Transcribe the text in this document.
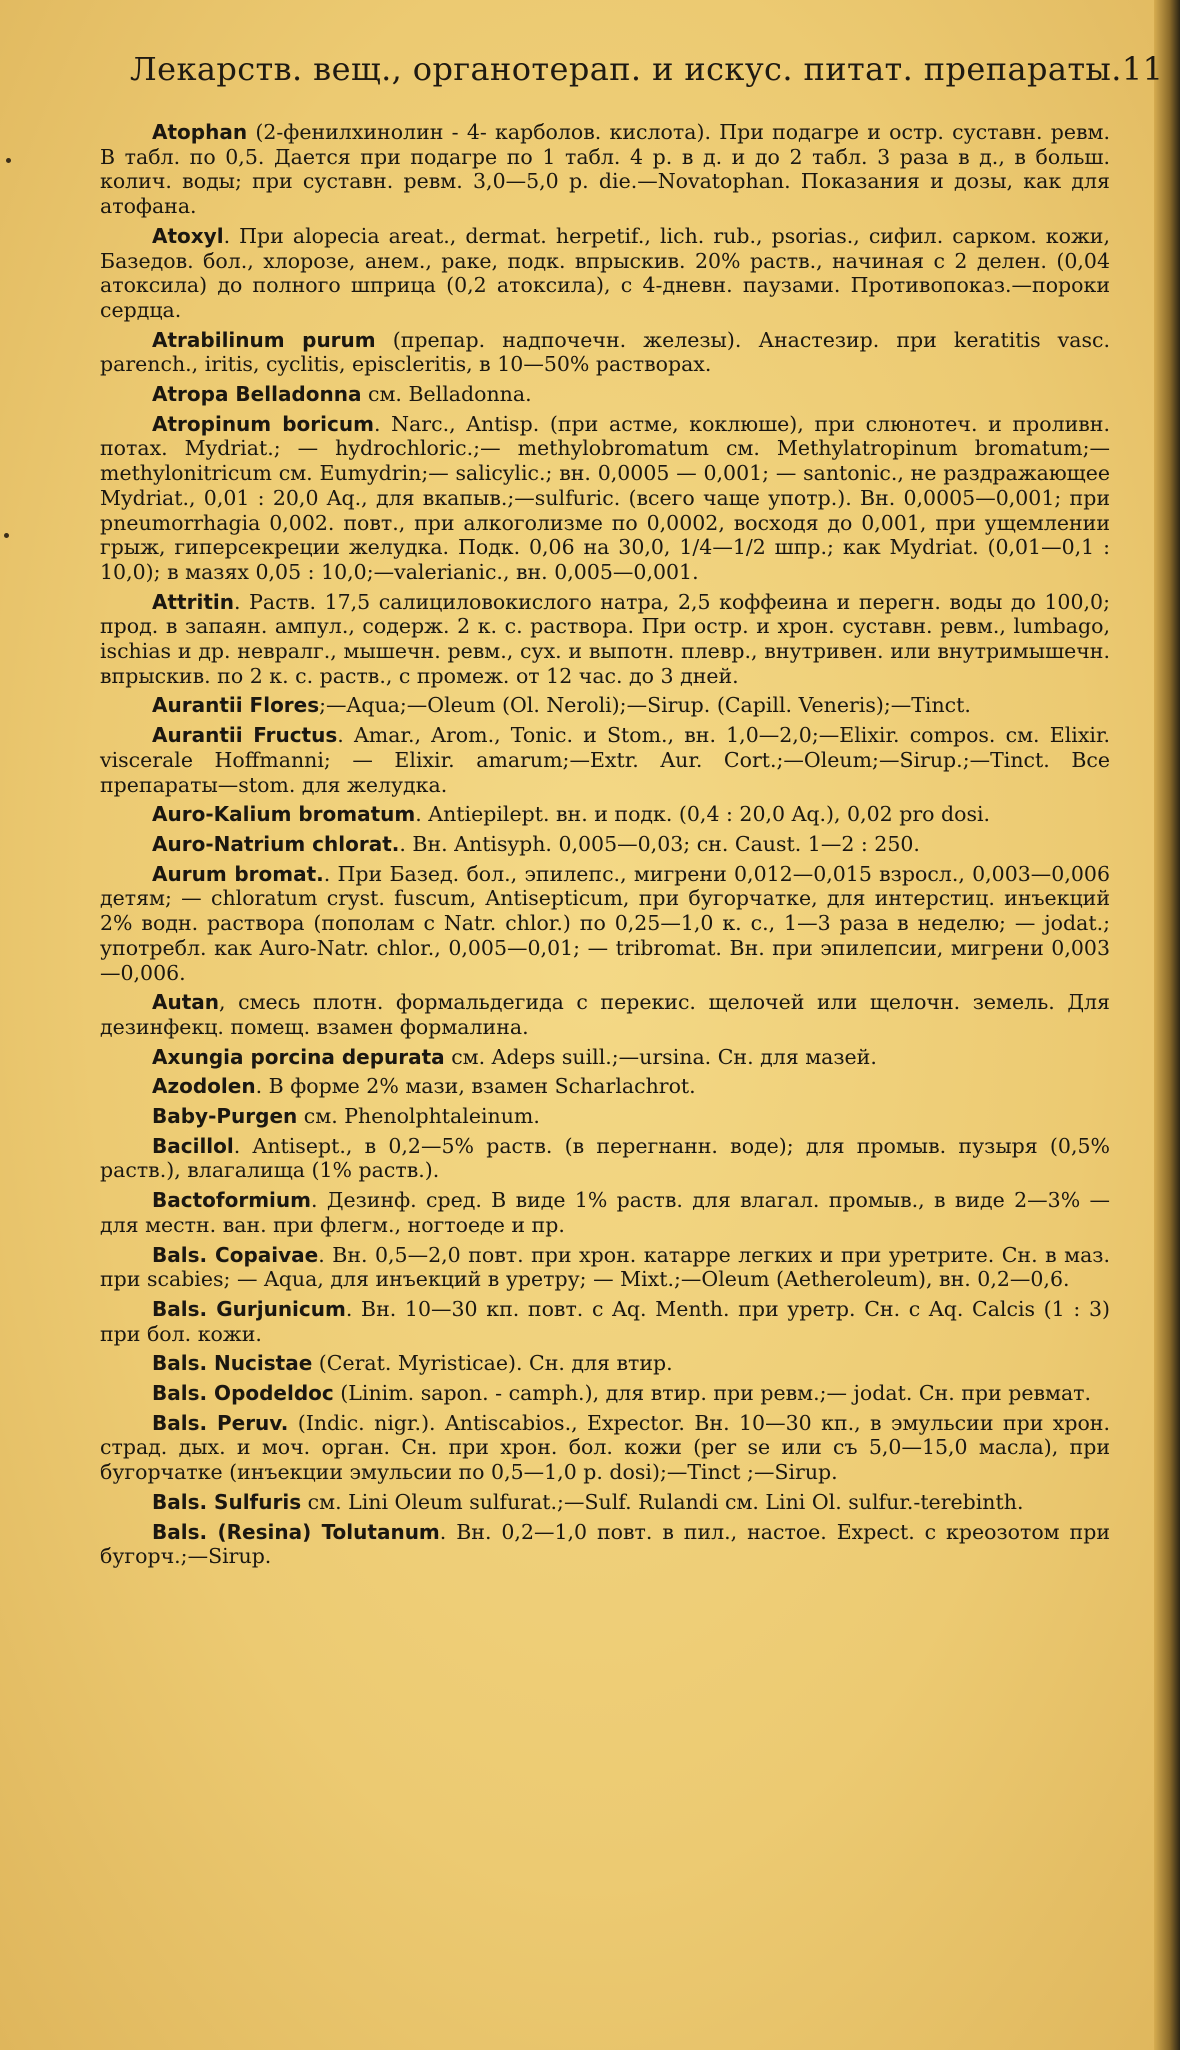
Лекарств. вещ., органотерап. и искус. питат. препараты. 11

Atophan (2-фенилхинолин - 4- карболов. кислота). При подагре и остр. суставн. ревм. В табл. по 0,5. Дается при подагре по 1 табл. 4 р. в д. и до 2 табл. 3 раза в д., в больш. колич. воды; при суставн. ревм. 3,0—5,0 p. die.—Novatophan. Показания и дозы, как для атофана.

Atoxyl. При alopecia areat., dermat. herpetif., lich. rub., psorias., сифил. сарком. кожи, Базедов. бол., хлорозе, анем., раке, подк. впрыскив. 20% раств., начиная с 2 делен. (0,04 атоксила) до полного шприца (0,2 атоксила), с 4-дневн. паузами. Противопоказ.—пороки сердца.

Atrabilinum purum (препар. надпочечн. железы). Анастезир. при keratitis vasc. parench., iritis, cyclitis, episcleritis, в 10—50% растворах.

Atropa Belladonna см. Belladonna.

Atropinum boricum. Narc., Antisp. (при астме, коклюше), при слюнотеч. и проливн. потах. Mydriat.; — hydrochloric.;— methylobromatum см. Methylatropinum bromatum;—methylonitricum см. Eumydrin;— salicylic.; вн. 0,0005 — 0,001; — santonic., не раздражающее Mydriat., 0,01 : 20,0 Aq., для вкапыв.;—sulfuric. (всего чаще употр.). Вн. 0,0005—0,001; при pneumorrhagia 0,002. повт., при алкоголизме по 0,0002, восходя до 0,001, при ущемлении грыж, гиперсекреции желудка. Подк. 0,06 на 30,0, 1/4—1/2 шпр.; как Mydriat. (0,01—0,1 : 10,0); в мазях 0,05 : 10,0;—valerianic., вн. 0,005—0,001.

Attritin. Раств. 17,5 салициловокислого натра, 2,5 коффеина и перегн. воды до 100,0; прод. в запаян. ампул., содерж. 2 к. с. раствора. При остр. и хрон. суставн. ревм., lumbago, ischias и др. невралг., мышечн. ревм., сух. и выпотн. плевр., внутривен. или внутримышечн. впрыскив. по 2 к. с. раств., с промеж. от 12 час. до 3 дней.

Aurantii Flores;—Aqua;—Oleum (Ol. Neroli);—Sirup. (Capill. Veneris);—Tinct.

Aurantii Fructus. Amar., Arom., Tonic. и Stom., вн. 1,0—2,0;—Elixir. compos. см. Elixir. viscerale Hoffmanni; — Elixir. amarum;—Extr. Aur. Cort.;—Oleum;—Sirup.;—Tinct. Все препараты—stom. для желудка.

Auro-Kalium bromatum. Antiepilept. вн. и подк. (0,4 : 20,0 Aq.), 0,02 pro dosi.

Auro-Natrium chlorat.. Вн. Antisyph. 0,005—0,03; сн. Caust. 1—2 : 250.

Aurum bromat.. При Базед. бол., эпилепс., мигрени 0,012—0,015 взросл., 0,003—0,006 детям; — chloratum cryst. fuscum, Antisepticum, при бугорчатке, для интерстиц. инъекций 2% водн. раствора (пополам с Natr. chlor.) по 0,25—1,0 к. с., 1—3 раза в неделю; — jodat.; употребл. как Auro-Natr. chlor., 0,005—0,01; — tribromat. Вн. при эпилепсии, мигрени 0,003—0,006.

Autan, смесь плотн. формальдегида с перекис. щелочей или щелочн. земель. Для дезинфекц. помещ. взамен формалина.

Axungia porcina depurata см. Adeps suill.;—ursina. Сн. для мазей.

Azodolen. В форме 2% мази, взамен Scharlachrot.

Baby-Purgen см. Phenolphtaleinum.

Bacillol. Antisept., в 0,2—5% раств. (в перегнанн. воде); для промыв. пузыря (0,5% раств.), влагалища (1% раств.).

Bactoformium. Дезинф. сред. В виде 1% раств. для влагал. промыв., в виде 2—3% —для местн. ван. при флегм., ногтоеде и пр.

Bals. Copaivae. Вн. 0,5—2,0 повт. при хрон. катарре легких и при уретрите. Сн. в маз. при scabies; — Aqua, для инъекций в уретру; — Mixt.;—Oleum (Aetheroleum), вн. 0,2—0,6.

Bals. Gurjunicum. Вн. 10—30 кп. повт. с Aq. Menth. при уретр. Сн. с Aq. Calcis (1 : 3) при бол. кожи.

Bals. Nucistae (Cerat. Myristicae). Сн. для втир.

Bals. Opodeldoc (Linim. sapon. - camph.), для втир. при ревм.;— jodat. Сн. при ревмат.

Bals. Peruv. (Indic. nigr.). Antiscabios., Expector. Вн. 10—30 кп., в эмульсии при хрон. страд. дых. и моч. орган. Сн. при хрон. бол. кожи (per se или съ 5,0—15,0 масла), при бугорчатке (инъекции эмульсии по 0,5—1,0 p. dosi);—Tinct ;—Sirup.

Bals. Sulfuris см. Lini Oleum sulfurat.;—Sulf. Rulandi см. Lini Ol. sulfur.-terebinth.

Bals. (Resina) Tolutanum. Вн. 0,2—1,0 повт. в пил., настое. Expect. с креозотом при бугорч.;—Sirup.
